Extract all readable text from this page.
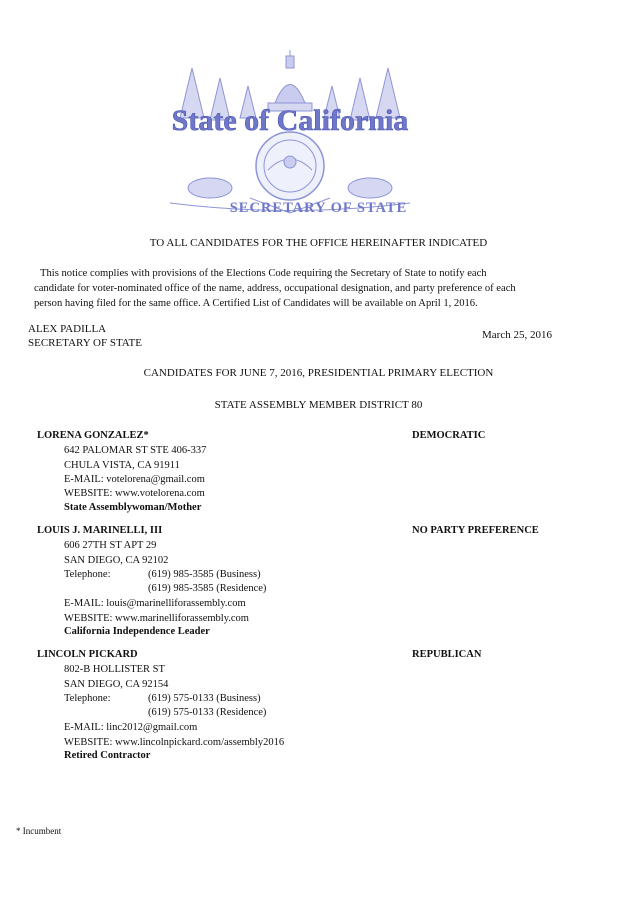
State of California
SECRETARY OF STATE
TO ALL CANDIDATES FOR THE OFFICE HEREINAFTER INDICATED
This notice complies with provisions of the Elections Code requiring the Secretary of State to notify each
candidate for voter-nominated office of the name, address, occupational designation, and party preference of each
person having filed for the same office. A Certified List of Candidates will be available on April 1, 2016.
ALEX PADILLA
SECRETARY OF STATE
March 25, 2016
CANDIDATES FOR JUNE 7, 2016, PRESIDENTIAL PRIMARY ELECTION
STATE ASSEMBLY MEMBER DISTRICT 80
LORENA GONZALEZ*	DEMOCRATIC
642 PALOMAR ST STE 406-337
CHULA VISTA, CA 91911
E-MAIL: votelorena@gmail.com
WEBSITE: www.votelorena.com
State Assemblywoman/Mother
LOUIS J. MARINELLI, III	NO PARTY PREFERENCE
606 27TH ST APT 29
SAN DIEGO, CA 92102
Telephone:	(619) 985-3585 (Business)
(619) 985-3585 (Residence)
E-MAIL: louis@marinelliforassembly.com
WEBSITE: www.marinelliforassembly.com
California Independence Leader
LINCOLN PICKARD	REPUBLICAN
802-B HOLLISTER ST
SAN DIEGO, CA 92154
Telephone:	(619) 575-0133 (Business)
(619) 575-0133 (Residence)
E-MAIL: linc2012@gmail.com
WEBSITE: www.lincolnpickard.com/assembly2016
Retired Contractor
* Incumbent
